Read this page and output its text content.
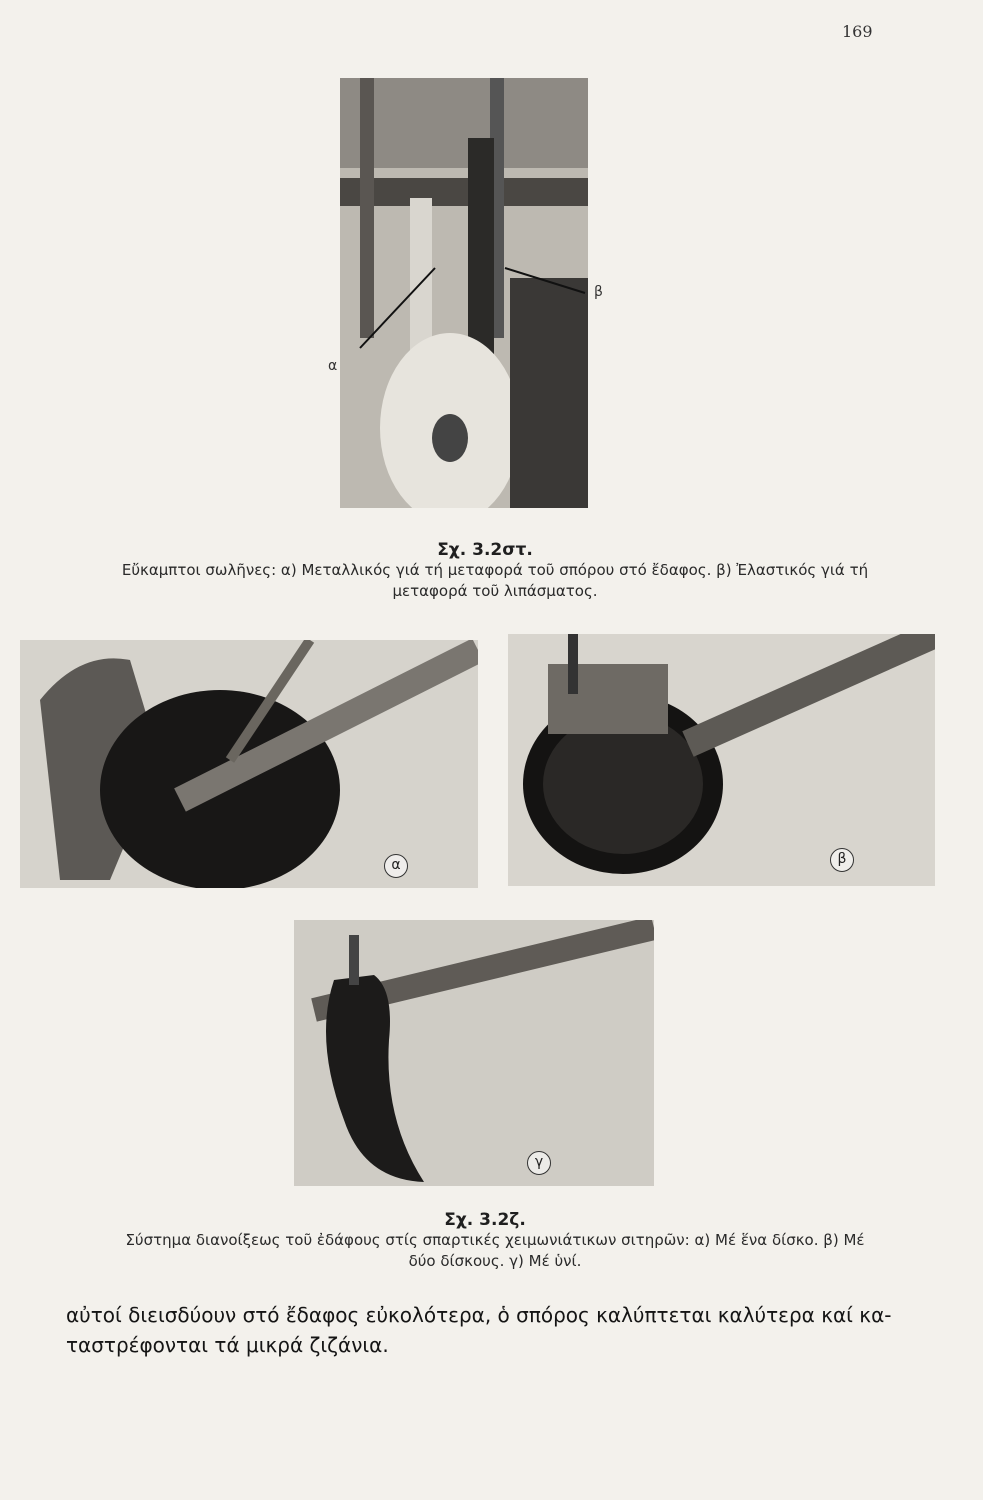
169
α
β
Σχ. 3.2στ.
Εὔκαμπτοι σωλῆνες: α) Μεταλλικός γιά τή μεταφορά τοῦ σπόρου στό ἔδαφος. β) Ἐλαστικός γιά τή
μεταφορά τοῦ λιπάσματος.
α	β
γ
Σχ. 3.2ζ.
Σύστημα διανοίξεως τοῦ ἐδάφους στίς σπαρτικές χειμωνιάτικων σιτηρῶν: α) Μέ ἕνα δίσκο. β) Μέ
δύο δίσκους. γ) Μέ ὑνί.
αὐτοί διεισδύουν στό ἔδαφος εὐκολότερα, ὁ σπόρος καλύπτεται καλύτερα καί κα-
ταστρέφονται τά μικρά ζιζάνια.
